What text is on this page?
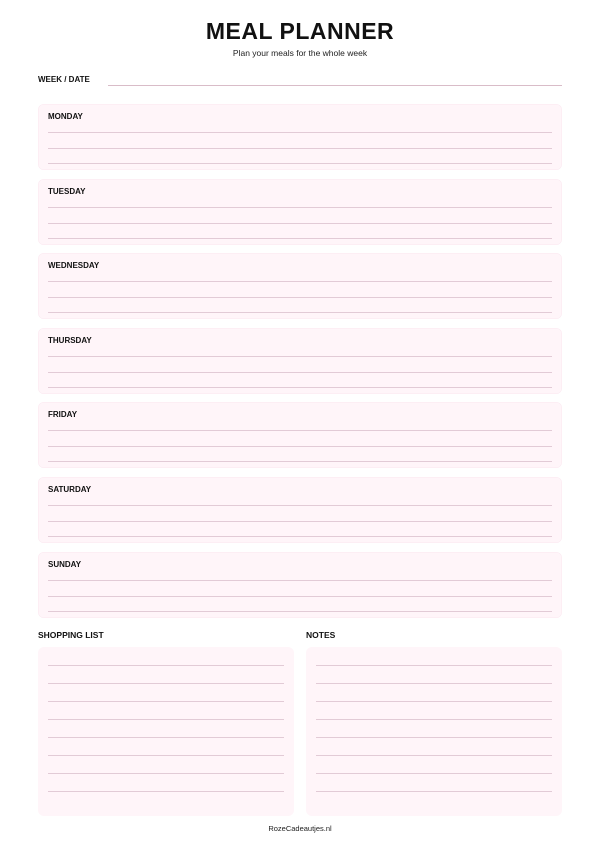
MEAL PLANNER
Plan your meals for the whole week
WEEK / DATE
MONDAY
TUESDAY
WEDNESDAY
THURSDAY
FRIDAY
SATURDAY
SUNDAY
SHOPPING LIST	NOTES
RozeCadeautjes.nl
